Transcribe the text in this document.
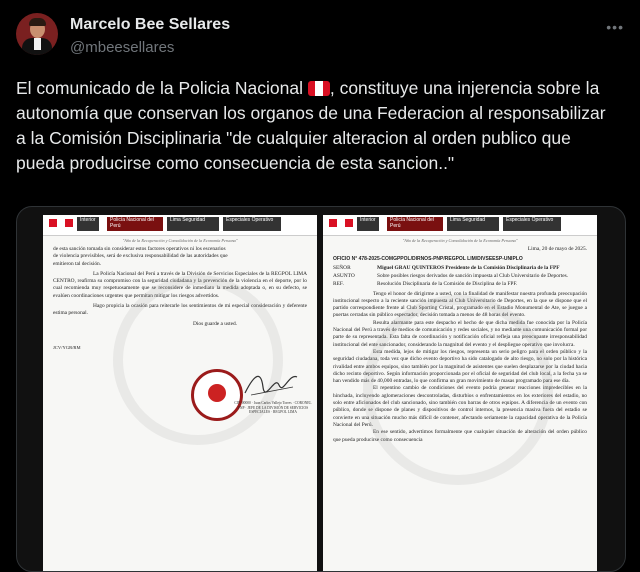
Marcelo Bee Sellares
@mbeesellares
•••
El comunicado de la Policia Nacional , constituye una injerencia sobre la autonomía que conservan los organos de una Federacion al responsabilizar a la Comisión Disciplinaria "de cualquier alteracion al orden publico que pueda producirse como consecuencia de esta sancion.."
Interior	Policía Nacional del Perú
Lima Seguridad	Especiales Operativo
"Año de la Recuperación y Consolidación de la Economía Peruana"
de esta sanción tomada sin considerar estos factores operativos ni los escenarios
de violencia previsibles, será de exclusiva responsabilidad de las autoridades que
emitieron tal decisión.
La Policía Nacional del Perú a través de la División de Servicios Especiales de la REGPOL LIMA CENTRO, reafirma su compromiso con la seguridad ciudadana y la prevención de la violencia en el deporte, por lo cual recomienda muy respetuosamente que se reconsidere de inmediato la medida adoptada o, en su defecto, se evalúen coordinaciones urgentes que permitan mitigar los riesgos advertidos.
Hago propicia la ocasión para reiterarle los sentimientos de mi especial consideración y deferente estima personal.
Dios guarde a usted.
JCV/YGR/RM
CIP: 00000 · Juan Carlos Vallejo Torres · CORONEL PNP · JEFE DE LA DIVISIÓN DE SERVICIOS ESPECIALES · REGPOL LIMA
Interior	Policía Nacional del Perú
Lima Seguridad	Especiales Operativo
"Año de la Recuperación y Consolidación de la Economía Peruana"
Lima, 20 de mayo de 2025.
OFICIO N° 478-2025-COMGPPOL/DIRNOS-PNP/REGPOL LIM/DIVSEESP-UNIPLO
SEÑOR	Miguel GRAU QUINTEROS Presidente de la Comisión Disciplinaria de la FPF
ASUNTO	Sobre posibles riesgos derivados de sanción impuesta al Club Universitario de Deportes.
REF.	Resolución Disciplinaria de la Comisión de Disciplina de la FPF.
Tengo el honor de dirigirme a usted, con la finalidad de manifestar nuestra profunda preocupación institucional respecto a la reciente sanción impuesta al Club Universitario de Deportes, en la que se dispone que el partido correspondiente frente al Club Sporting Cristal, programado en el Estadio Monumental de Ate, se juegue a puertas cerradas sin público espectador, decisión tomada a menos de 48 horas del evento.
Resulta alarmante para este despacho el hecho de que dicha medida fue conocida por la Policía Nacional del Perú a través de medios de comunicación y redes sociales, y no mediante una comunicación formal por parte de su representada. Esta falta de coordinación y notificación oficial refleja una preocupante irresponsabilidad institucional del ente sancionador, considerando la magnitud del evento y el despliegue operativo que involucra.
Esta medida, lejos de mitigar los riesgos, representa un serio peligro para el orden público y la seguridad ciudadana, toda vez que dicho evento deportivo ha sido catalogado de alto riesgo, no solo por la histórica rivalidad entre ambos equipos, sino también por la magnitud de asistentes que suelen desplazarse por la ciudad hacia dicho recinto deportivo. Según información proporcionada por el oficial de seguridad del club local, a la fecha ya se han vendido más de 40,000 entradas, lo que confirma un gran movimiento de masas programado para ese día.
El repentino cambio de condiciones del evento podría generar reacciones impredecibles en la hinchada, incluyendo aglomeraciones descontroladas, disturbios o enfrentamientos en los exteriores del estadio, no solo entre aficionados del club sancionado, sino también con barras de otros equipos. A diferencia de un evento con público, donde se dispone de planes y dispositivos de control internos, la presencia masiva fuera del estadio se convierte en una situación mucho más difícil de contener, afectando seriamente la capacidad operativa de la Policía Nacional del Perú.
En ese sentido, advertimos formalmente que cualquier situación de alteración del orden público que pueda producirse como consecuencia
